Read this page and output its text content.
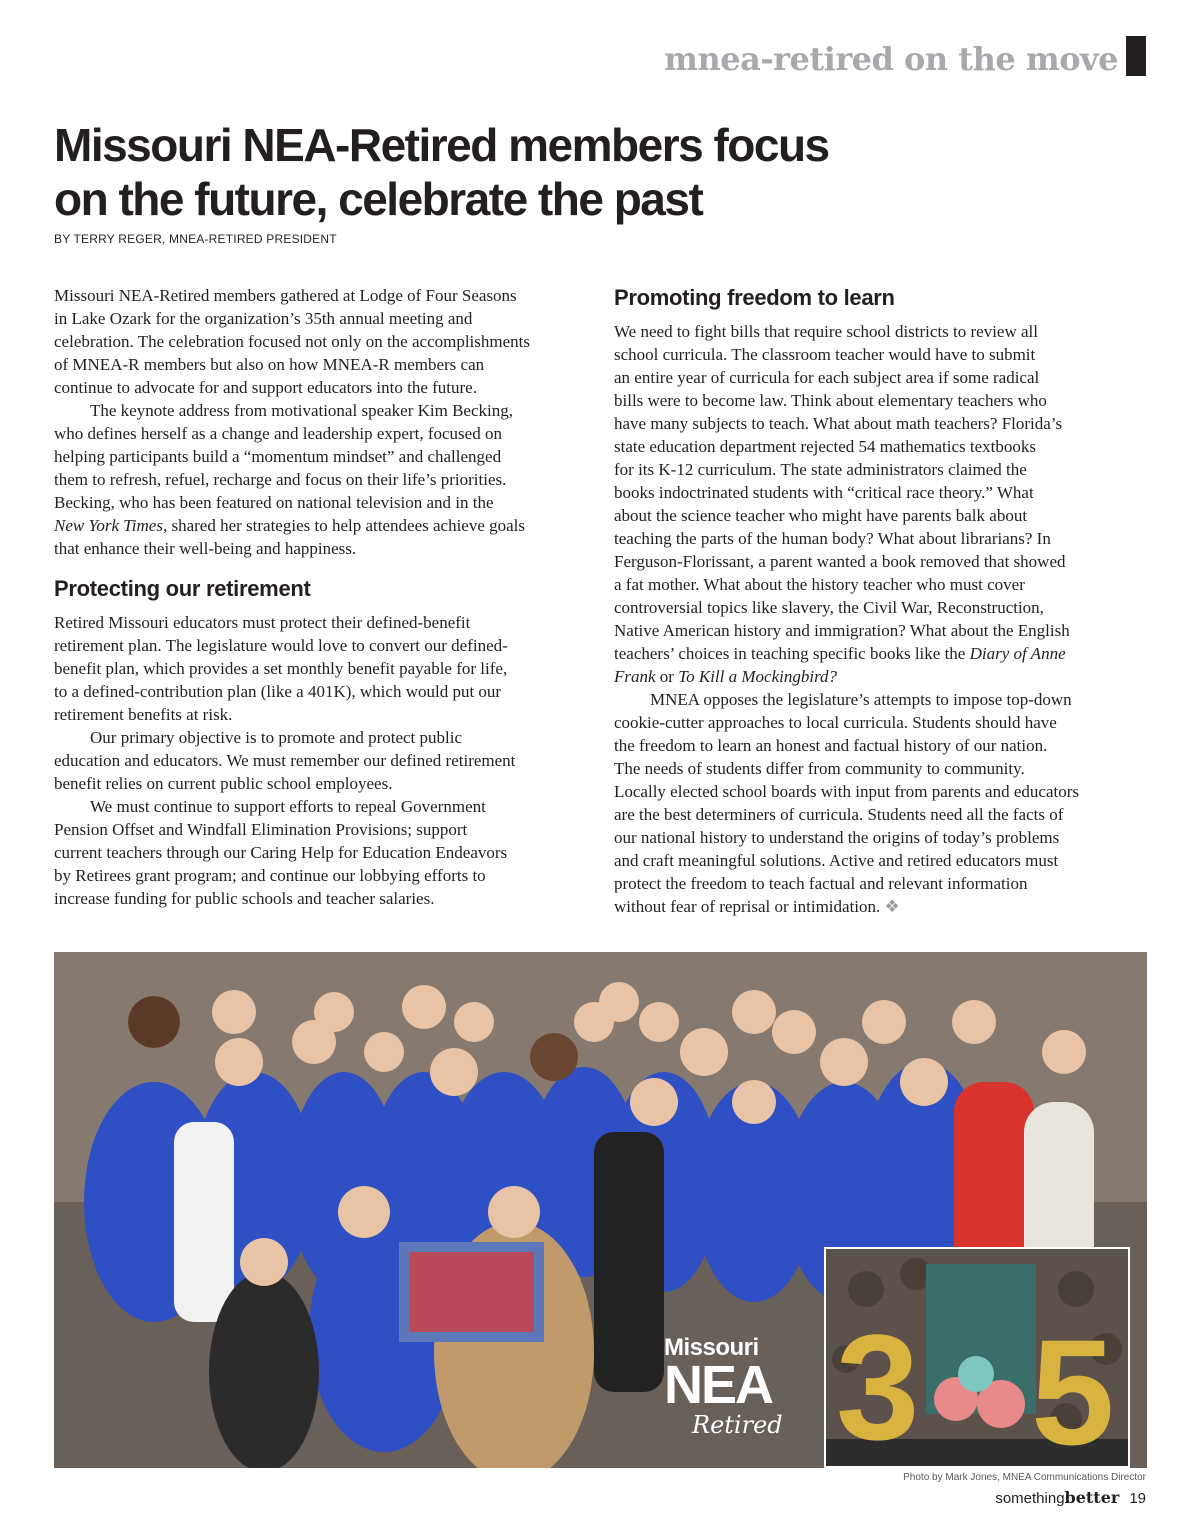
mnea-retired on the move
Missouri NEA-Retired members focus
on the future, celebrate the past
BY TERRY REGER, MNEA-RETIRED PRESIDENT
Missouri NEA-Retired members gathered at Lodge of Four Seasons
in Lake Ozark for the organization’s 35th annual meeting and
celebration. The celebration focused not only on the accomplishments
of MNEA-R members but also on how MNEA-R members can
continue to advocate for and support educators into the future.
The keynote address from motivational speaker Kim Becking,
who defines herself as a change and leadership expert, focused on
helping participants build a “momentum mindset” and challenged
them to refresh, refuel, recharge and focus on their life’s priorities.
Becking, who has been featured on national television and in the
New York Times, shared her strategies to help attendees achieve goals
that enhance their well-being and happiness.
Protecting our retirement
Retired Missouri educators must protect their defined-benefit
retirement plan. The legislature would love to convert our defined-
benefit plan, which provides a set monthly benefit payable for life,
to a defined-contribution plan (like a 401K), which would put our
retirement benefits at risk.
Our primary objective is to promote and protect public
education and educators. We must remember our defined retirement
benefit relies on current public school employees.
We must continue to support efforts to repeal Government
Pension Offset and Windfall Elimination Provisions; support
current teachers through our Caring Help for Education Endeavors
by Retirees grant program; and continue our lobbying efforts to
increase funding for public schools and teacher salaries.
Promoting freedom to learn
We need to fight bills that require school districts to review all
school curricula. The classroom teacher would have to submit
an entire year of curricula for each subject area if some radical
bills were to become law. Think about elementary teachers who
have many subjects to teach. What about math teachers? Florida’s
state education department rejected 54 mathematics textbooks
for its K-12 curriculum. The state administrators claimed the
books indoctrinated students with “critical race theory.” What
about the science teacher who might have parents balk about
teaching the parts of the human body? What about librarians? In
Ferguson-Florissant, a parent wanted a book removed that showed
a fat mother. What about the history teacher who must cover
controversial topics like slavery, the Civil War, Reconstruction,
Native American history and immigration? What about the English
teachers’ choices in teaching specific books like the Diary of Anne
Frank or To Kill a Mockingbird?
MNEA opposes the legislature’s attempts to impose top-down
cookie-cutter approaches to local curricula. Students should have
the freedom to learn an honest and factual history of our nation.
The needs of students differ from community to community.
Locally elected school boards with input from parents and educators
are the best determiners of curricula. Students need all the facts of
our national history to understand the origins of today’s problems
and craft meaningful solutions. Active and retired educators must
protect the freedom to teach factual and relevant information
without fear of reprisal or intimidation. ❖
Missouri
NEA
Retired 3 5
Photo by Mark Jones, MNEA Communications Director
somethingbetter 19
